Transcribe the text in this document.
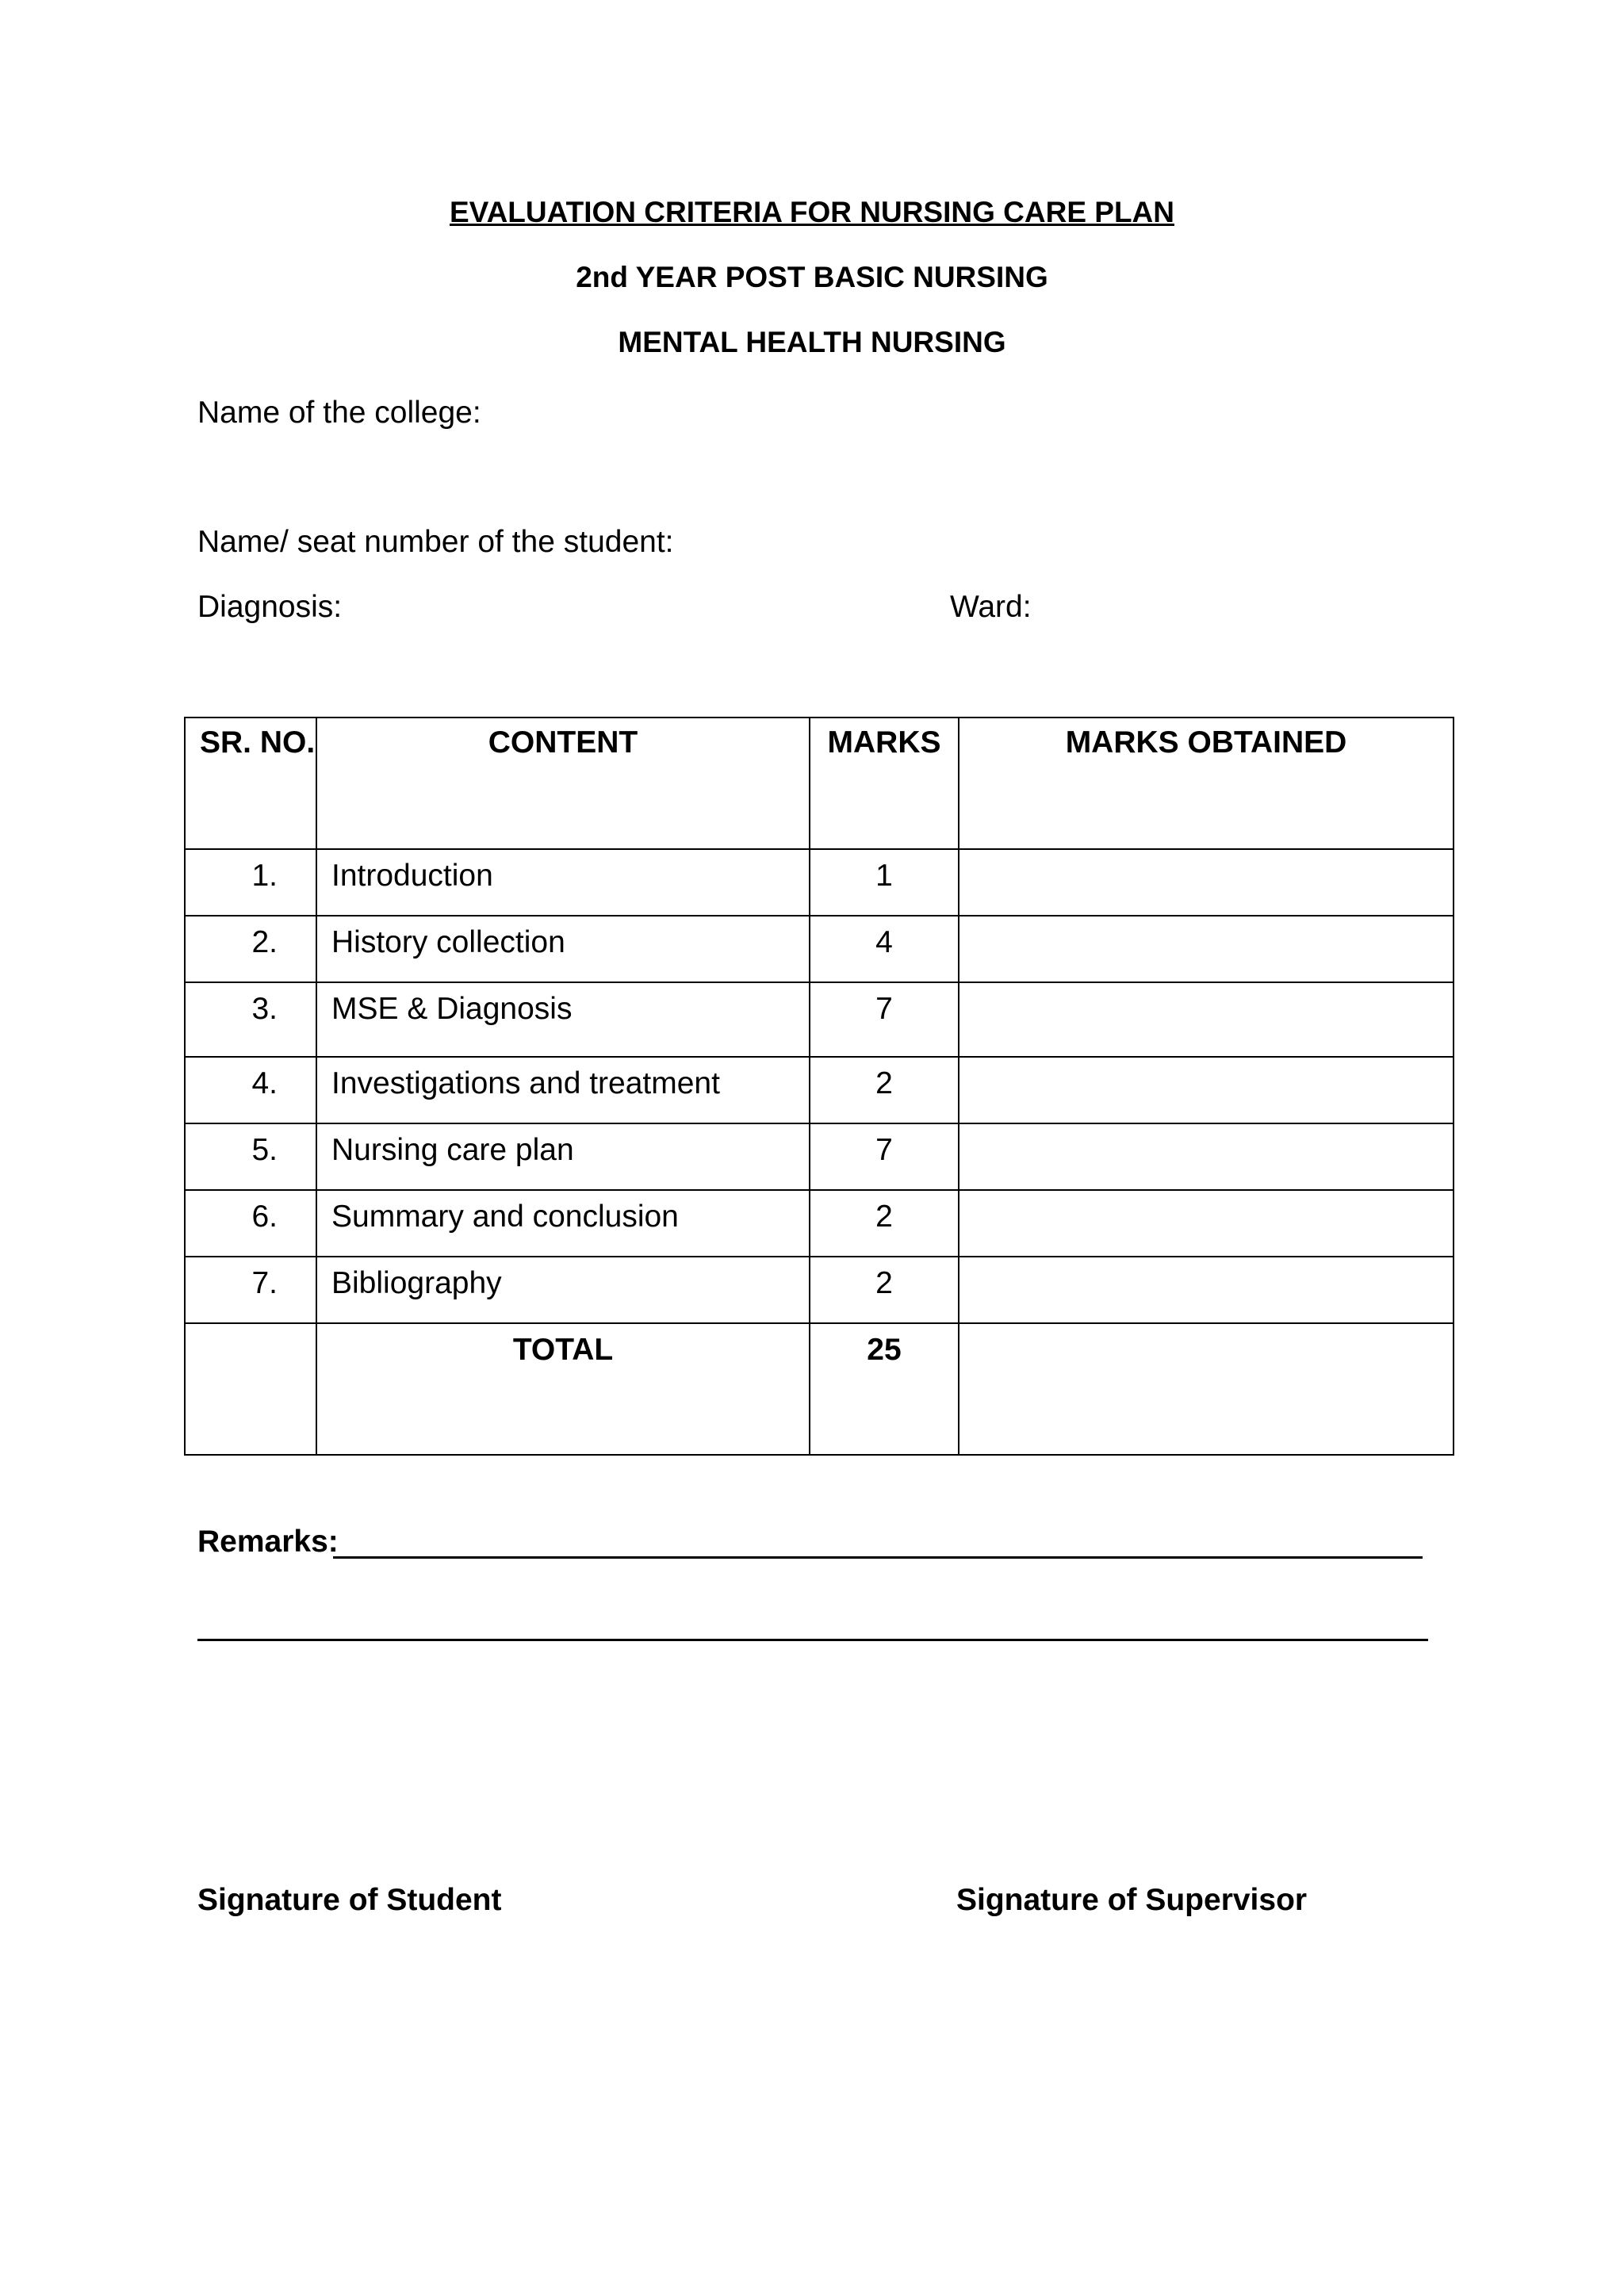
EVALUATION CRITERIA FOR NURSING CARE PLAN
2nd YEAR POST BASIC NURSING
MENTAL HEALTH NURSING
Name of the college:
Name/ seat number of the student:
Diagnosis:	Ward:
SR. NO.	CONTENT	MARKS	MARKS OBTAINED
1.	Introduction	1	
2.	History collection	4	
3.	MSE & Diagnosis	7	
4.	Investigations and treatment	2	
5.	Nursing care plan	7	
6.	Summary and conclusion	2	
7.	Bibliography	2	
	TOTAL	25	
Remarks:
Signature of Student	Signature of Supervisor
